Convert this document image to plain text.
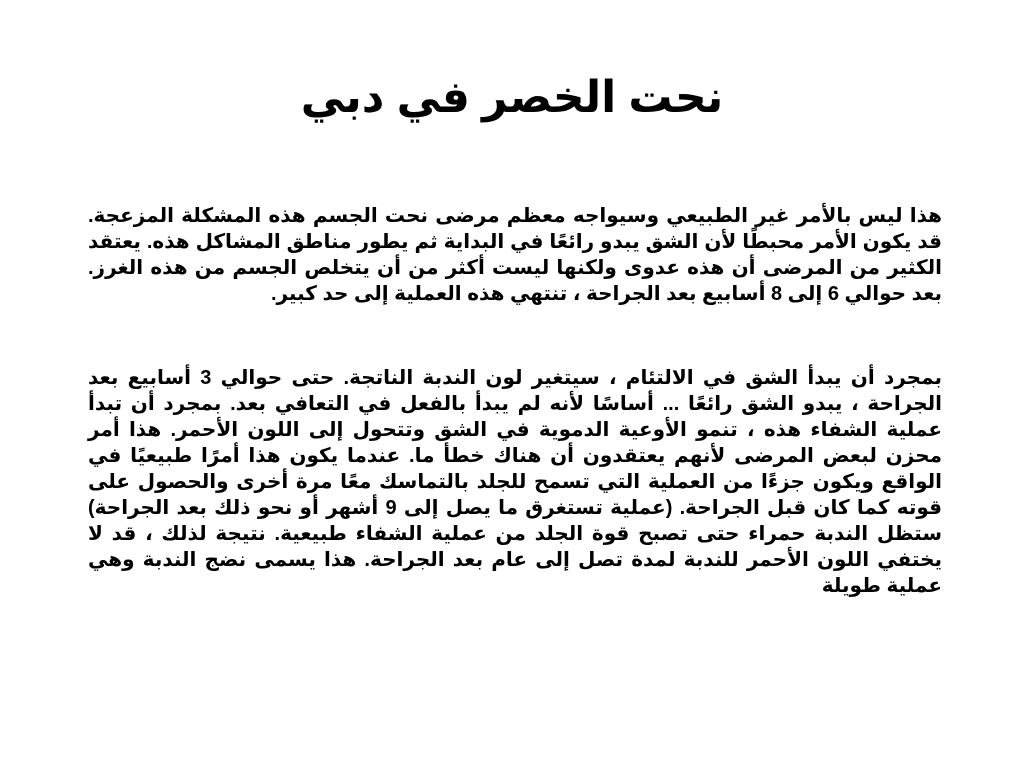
نحت الخصر في دبي

هذا ليس بالأمر غير الطبيعي وسيواجه معظم مرضى نحت الجسم هذه المشكلة المزعجة. قد يكون الأمر محبطًا لأن الشق يبدو رائعًا في البداية ثم يطور مناطق المشاكل هذه. يعتقد الكثير من المرضى أن هذه عدوى ولكنها ليست أكثر من أن يتخلص الجسم من هذه الغرز. بعد حوالي 6 إلى 8 أسابيع بعد الجراحة ، تنتهي هذه العملية إلى حد كبير.

بمجرد أن يبدأ الشق في الالتئام ، سيتغير لون الندبة الناتجة. حتى حوالي 3 أسابيع بعد الجراحة ، يبدو الشق رائعًا ... أساسًا لأنه لم يبدأ بالفعل في التعافي بعد. بمجرد أن تبدأ عملية الشفاء هذه ، تنمو الأوعية الدموية في الشق وتتحول إلى اللون الأحمر. هذا أمر محزن لبعض المرضى لأنهم يعتقدون أن هناك خطأ ما. عندما يكون هذا أمرًا طبيعيًا في الواقع ويكون جزءًا من العملية التي تسمح للجلد بالتماسك معًا مرة أخرى والحصول على قوته كما كان قبل الجراحة. (عملية تستغرق ما يصل إلى 9 أشهر أو نحو ذلك بعد الجراحة) ستظل الندبة حمراء حتى تصبح قوة الجلد من عملية الشفاء طبيعية. نتيجة لذلك ، قد لا يختفي اللون الأحمر للندبة لمدة تصل إلى عام بعد الجراحة. هذا يسمى نضج الندبة وهي عملية طويلة
